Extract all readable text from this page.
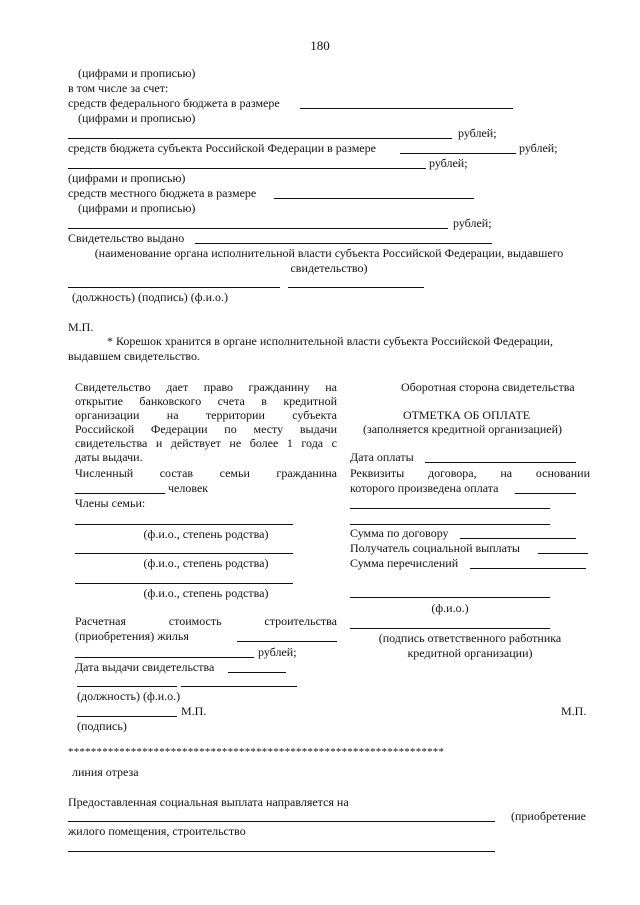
180
(цифрами и прописью)
в том числе за счет:
средств федерального бюджета в размере
(цифрами и прописью)
рублей;
средств бюджета субъекта Российской Федерации в размере	рублей;
рублей;
(цифрами и прописью)
средств местного бюджета в размере
(цифрами и прописью)
рублей;
Свидетельство выдано
(наименование органа исполнительной власти субъекта Российской Федерации, выдавшего
свидетельство)
(должность) (подпись) (ф.и.о.)
М.П.
* Корешок хранится в органе исполнительной власти субъекта Российской Федерации,
выдавшем свидетельство.
Свидетельство дает право гражданину на
открытие банковского счета в кредитной
организации на территории субъекта
Российской Федерации по месту выдачи
свидетельства и действует не более 1 года с
даты выдачи.
Численный состав семьи гражданина
человек
Члены семьи:
(ф.и.о., степень родства)
(ф.и.о., степень родства)
(ф.и.о., степень родства)
Расчетная стоимость строительства
(приобретения) жилья
рублей;
Дата выдачи свидетельства
(должность) (ф.и.о.)
М.П.
(подпись)
Оборотная сторона свидетельства
ОТМЕТКА ОБ ОПЛАТЕ
(заполняется кредитной организацией)
Дата оплаты
Реквизиты договора, на основании
которого произведена оплата
Сумма по договору
Получатель социальной выплаты
Сумма перечислений
(ф.и.о.)
(подпись ответственного работника
кредитной организации)
М.П.
******************************************************************
линия отреза
Предоставленная социальная выплата направляется на
(приобретение
жилого помещения, строительство
